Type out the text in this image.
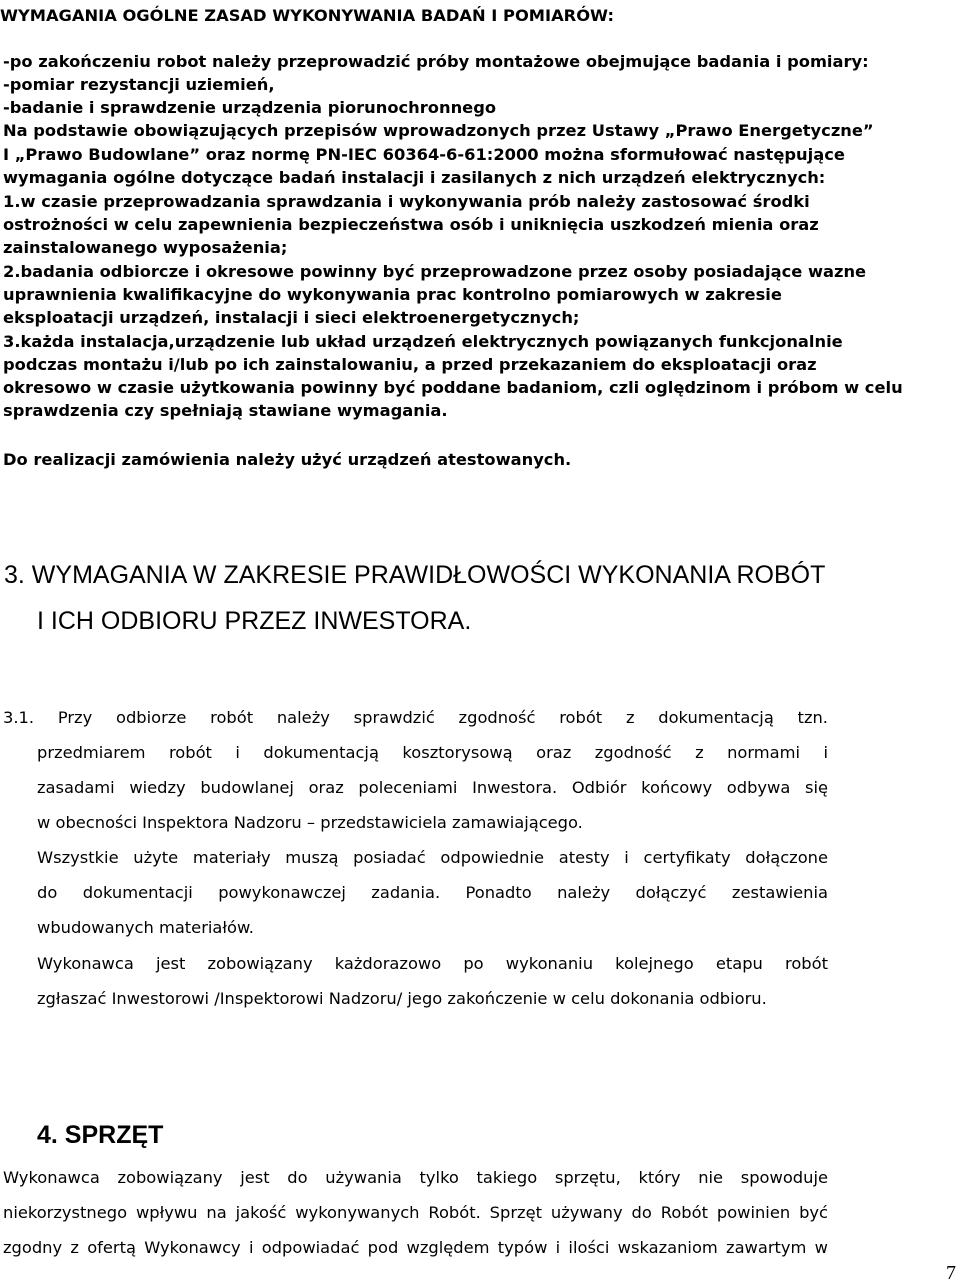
WYMAGANIA OGÓLNE ZASAD WYKONYWANIA BADAŃ I POMIARÓW:
-po zakończeniu robot należy przeprowadzić próby montażowe obejmujące badania i pomiary:
-pomiar rezystancji uziemień,
-badanie i sprawdzenie urządzenia piorunochronnego
Na podstawie obowiązujących przepisów wprowadzonych przez Ustawy „Prawo Energetyczne”
I „Prawo Budowlane” oraz normę PN-IEC 60364-6-61:2000 można sformułować następujące
wymagania ogólne dotyczące badań instalacji i zasilanych z nich urządzeń elektrycznych:
1.w czasie przeprowadzania sprawdzania i wykonywania prób należy zastosować środki
ostrożności w celu zapewnienia bezpieczeństwa osób i uniknięcia uszkodzeń mienia oraz
zainstalowanego wyposażenia;
2.badania odbiorcze i okresowe powinny być przeprowadzone przez osoby posiadające wazne
uprawnienia kwalifikacyjne do wykonywania prac kontrolno pomiarowych w zakresie
eksploatacji urządzeń, instalacji i sieci elektroenergetycznych;
3.każda instalacja,urządzenie lub układ urządzeń elektrycznych powiązanych funkcjonalnie
podczas montażu i/lub po ich zainstalowaniu, a przed przekazaniem do eksploatacji oraz
okresowo w czasie użytkowania powinny być poddane badaniom, czli oględzinom i próbom w celu
sprawdzenia czy spełniają stawiane wymagania.
Do realizacji zamówienia należy użyć urządzeń atestowanych.
3. WYMAGANIA W ZAKRESIE PRAWIDŁOWOŚCI WYKONANIA ROBÓT
I ICH ODBIORU PRZEZ INWESTORA.
3.1. Przy odbiorze robót należy sprawdzić zgodność robót z dokumentacją tzn.
przedmiarem robót i dokumentacją kosztorysową oraz zgodność z normami i
zasadami wiedzy budowlanej oraz poleceniami Inwestora. Odbiór końcowy odbywa się
w obecności Inspektora Nadzoru – przedstawiciela zamawiającego.
Wszystkie użyte materiały muszą posiadać odpowiednie atesty i certyfikaty dołączone
do dokumentacji powykonawczej zadania. Ponadto należy dołączyć zestawienia
wbudowanych materiałów.
Wykonawca jest zobowiązany każdorazowo po wykonaniu kolejnego etapu robót
zgłaszać Inwestorowi /Inspektorowi Nadzoru/ jego zakończenie w celu dokonania odbioru.
4. SPRZĘT
Wykonawca zobowiązany jest do używania tylko takiego sprzętu, który nie spowoduje
niekorzystnego wpływu na jakość wykonywanych Robót. Sprzęt używany do Robót powinien być
zgodny z ofertą Wykonawcy i odpowiadać pod względem typów i ilości wskazaniom zawartym w
7
